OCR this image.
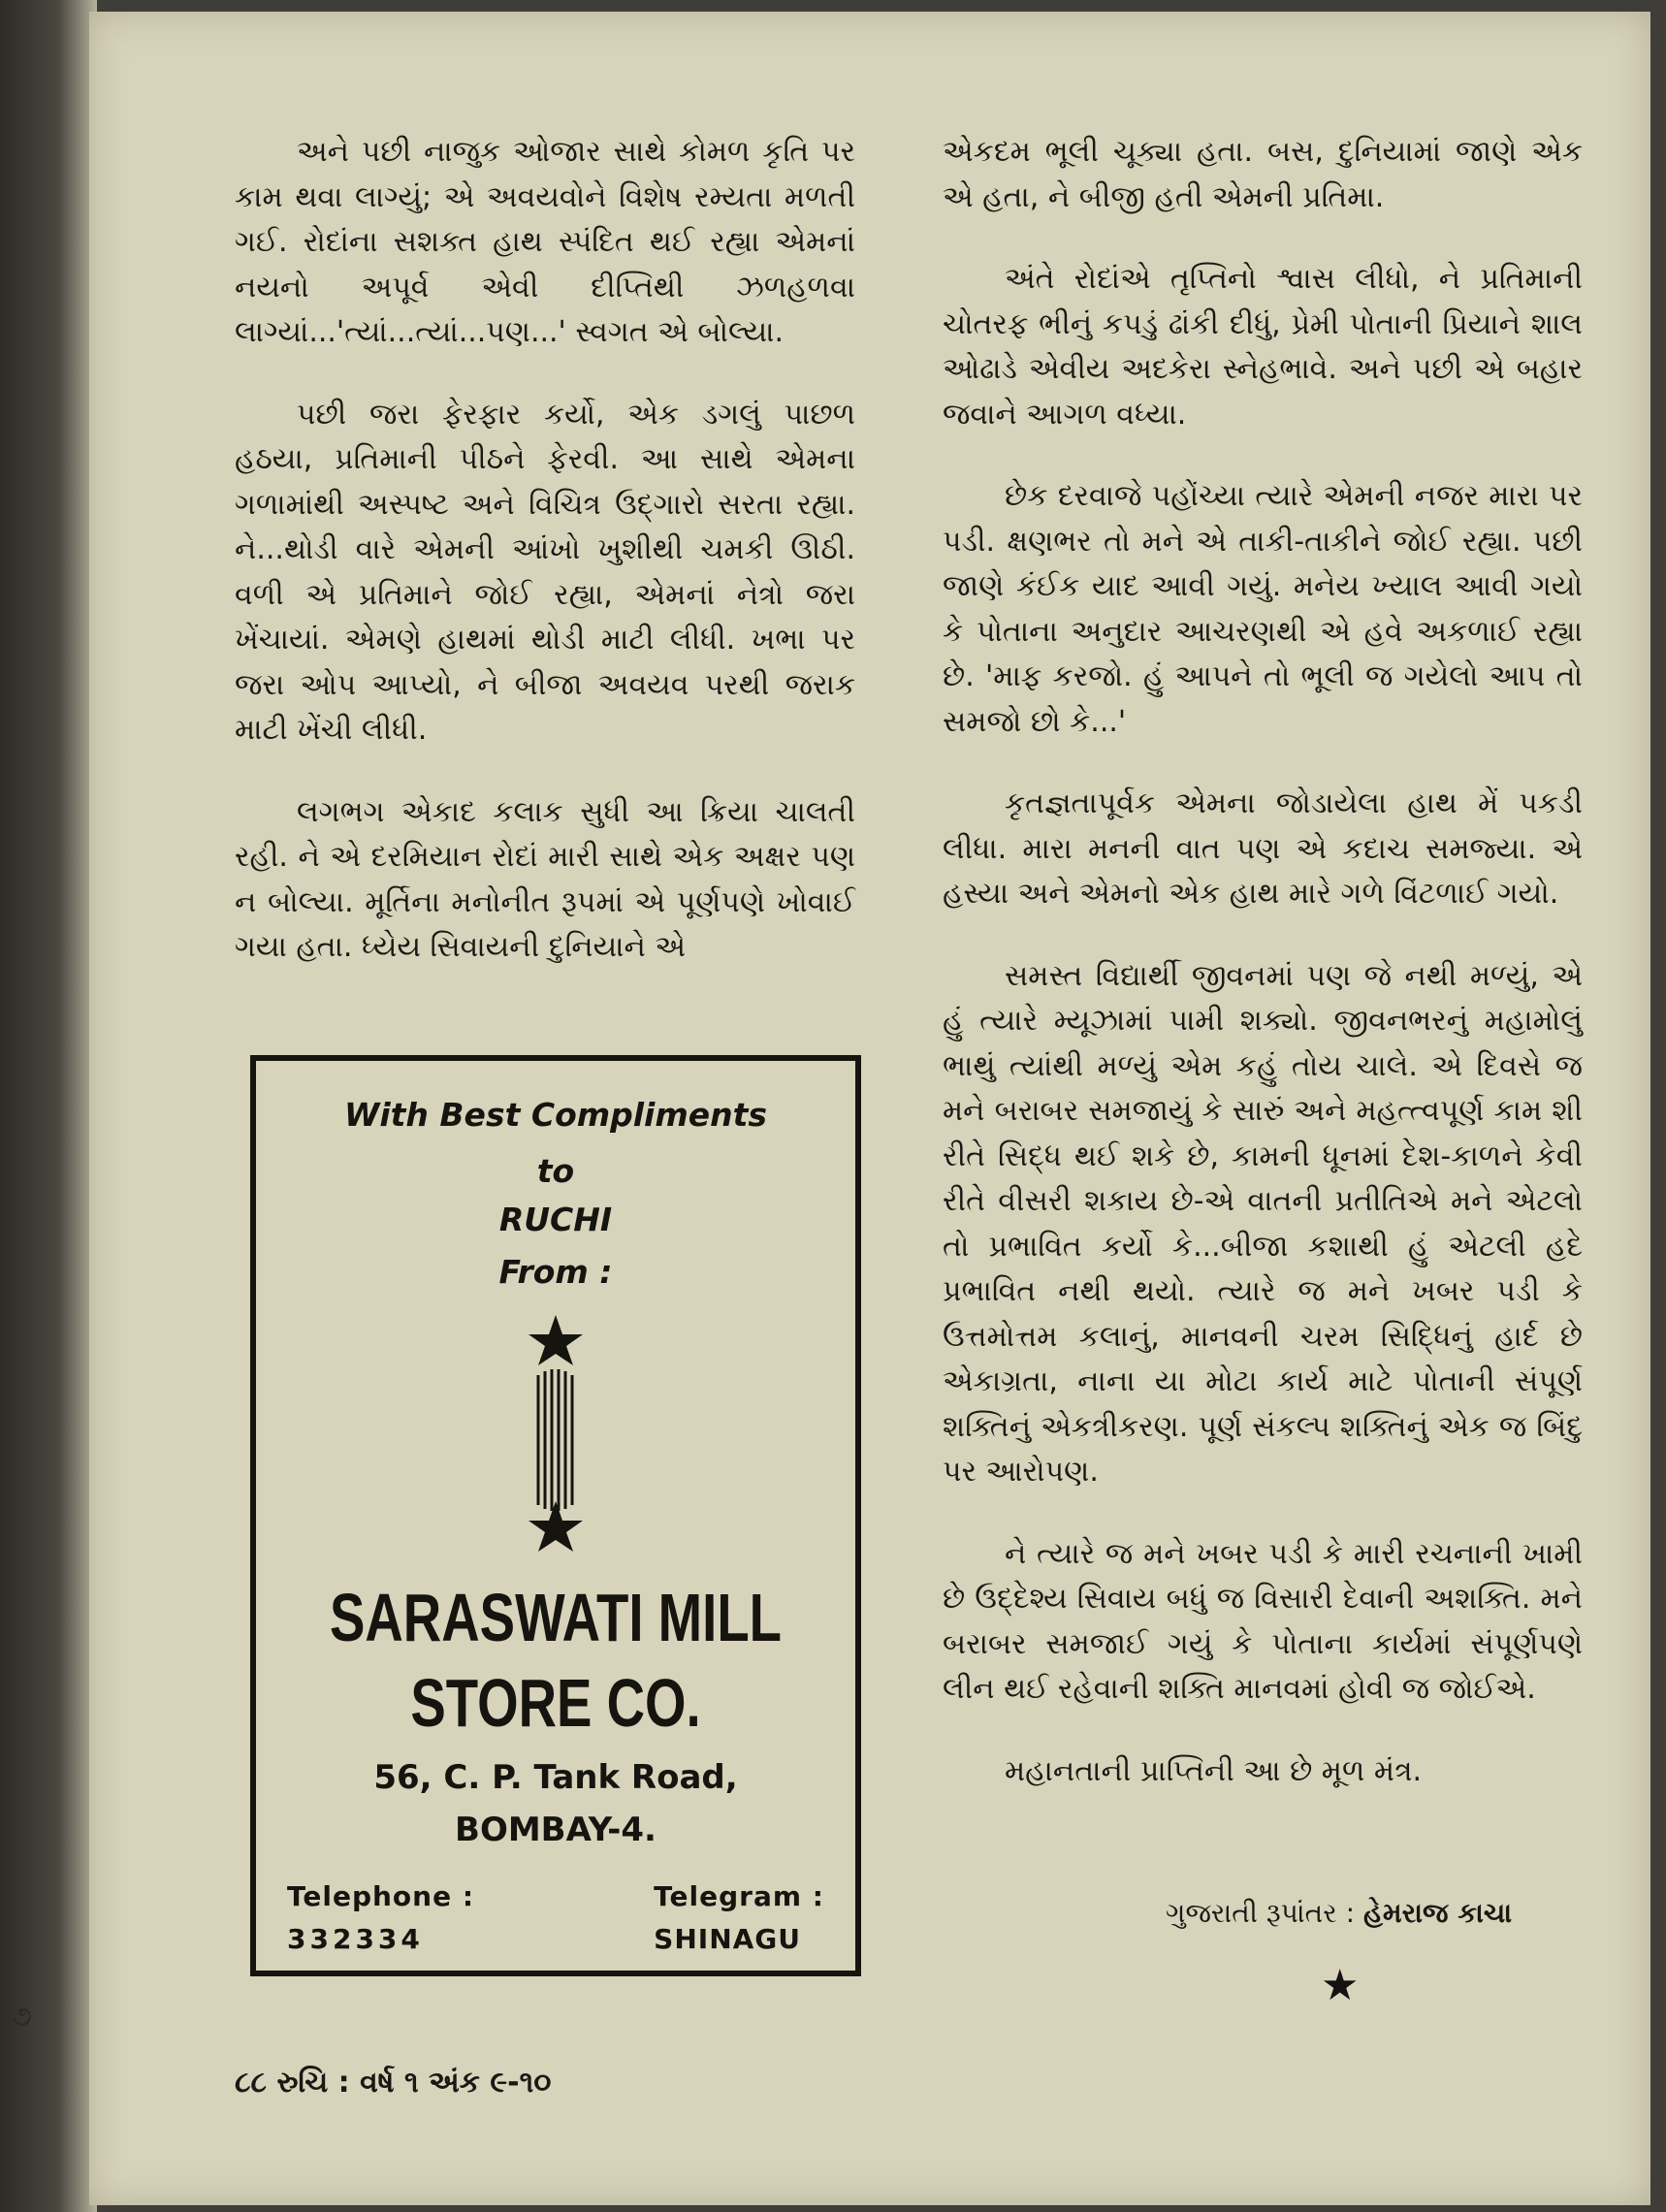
અને પછી નાજુક ઓજાર સાથે કોમળ કૃતિ પર કામ થવા લાગ્યું; એ અવયવોને વિશેષ રમ્યતા મળતી ગઈ. રોદાંના સશક્ત હાથ સ્પંદિત થઈ રહ્યા એમનાં નયનો અપૂર્વ એવી દીપ્તિથી ઝળહળવા લાગ્યાં...'ત્યાં...ત્યાં...પણ...' સ્વગત એ બોલ્યા.

પછી જરા ફેરફાર કર્યો, એક ડગલું પાછળ હઠયા, પ્રતિમાની પીઠને ફેરવી. આ સાથે એમના ગળામાંથી અસ્પષ્ટ અને વિચિત્ર ઉદ્‌ગારો સરતા રહ્યા. ને...થોડી વારે એમની આંખો ખુશીથી ચમકી ઊઠી. વળી એ પ્રતિમાને જોઈ રહ્યા, એમનાં નેત્રો જરા ખેંચાયાં. એમણે હાથમાં થોડી માટી લીધી. ખભા પર જરા ઓપ આપ્યો, ને બીજા અવયવ પરથી જરાક માટી ખેંચી લીધી.

લગભગ એકાદ કલાક સુધી આ ક્રિયા ચાલતી રહી. ને એ દરમિયાન રોદાં મારી સાથે એક અક્ષર પણ ન બોલ્યા. મૂર્તિના મનોનીત રૂપમાં એ પૂર્ણપણે ખોવાઈ ગયા હતા. ધ્યેય સિવાયની દુનિયાને એ

એકદમ ભૂલી ચૂક્યા હતા. બસ, દુનિયામાં જાણે એક એ હતા, ને બીજી હતી એમની પ્રતિમા.

અંતે રોદાંએ તૃપ્તિનો શ્વાસ લીધો, ને પ્રતિમાની ચોતરફ ભીનું કપડું ઢાંકી દીધું, પ્રેમી પોતાની પ્રિયાને શાલ ઓઢાડે એવીય અદકેરા સ્નેહભાવે. અને પછી એ બહાર જવાને આગળ વધ્યા.

છેક દરવાજે પહોંચ્યા ત્યારે એમની નજર મારા પર પડી. ક્ષણભર તો મને એ તાકી-તાકીને જોઈ રહ્યા. પછી જાણે કંઈક યાદ આવી ગયું. મનેય ખ્યાલ આવી ગયો કે પોતાના અનુદાર આચરણથી એ હવે અકળાઈ રહ્યા છે. 'માફ કરજો. હું આપને તો ભૂલી જ ગયેલો આપ તો સમજો છો કે...'

કૃતજ્ઞતાપૂર્વક એમના જોડાયેલા હાથ મેં પકડી લીધા. મારા મનની વાત પણ એ કદાચ સમજ્યા. એ હસ્યા અને એમનો એક હાથ મારે ગળે વિંટળાઈ ગયો.

સમસ્ત વિદ્યાર્થી જીવનમાં પણ જે નથી મળ્યું, એ હું ત્યારે મ્યૂઝામાં પામી શક્યો. જીવનભરનું મહામોલું ભાથું ત્યાંથી મળ્યું એમ કહું તોય ચાલે. એ દિવસે જ મને બરાબર સમજાયું કે સારું અને મહત્ત્વપૂર્ણ કામ શી રીતે સિદ્ધ થઈ શકે છે, કામની ધૂનમાં દેશ-કાળને કેવી રીતે વીસરી શકાય છે-એ વાતની પ્રતીતિએ મને એટલો તો પ્રભાવિત કર્યો કે...બીજા કશાથી હું એટલી હદે પ્રભાવિત નથી થયો. ત્યારે જ મને ખબર પડી કે ઉત્તમોત્તમ કલાનું, માનવની ચરમ સિદ્ધિનું હાર્દ છે એકાગ્રતા, નાના યા મોટા કાર્ય માટે પોતાની સંપૂર્ણ શક્તિનું એકત્રીકરણ. પૂર્ણ સંકલ્પ શક્તિનું એક જ બિંદુ પર આરોપણ.

ને ત્યારે જ મને ખબર પડી કે મારી રચનાની ખામી છે ઉદ્દેશ્ય સિવાય બધું જ વિસારી દેવાની અશક્તિ. મને બરાબર સમજાઈ ગયું કે પોતાના કાર્યમાં સંપૂર્ણપણે લીન થઈ રહેવાની શક્તિ માનવમાં હોવી જ જોઈએ.

મહાનતાની પ્રાપ્તિની આ છે મૂળ મંત્ર.

ગુજરાતી રૂપાંતર : હેમરાજ કાચા
★
With Best Compliments
to
RUCHI
From :
SARASWATI MILL
STORE CO.
56, C. P. Tank Road,
BOMBAY-4.
Telephone :
332334
Telegram :
SHINAGU
૮૮ રુચિ : વર્ષ ૧ અંક ૯-૧૦
૭
